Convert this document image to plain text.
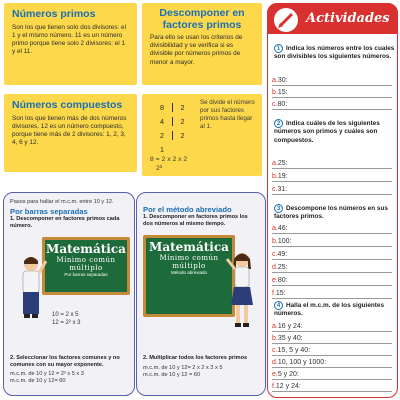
Números primos

Son los que tienen solo dos divisores: el 1 y el mismo número. 11 es un número primo porque tiene solo 2 divisores: el 1 y el 11.

Descomponer en factores primos

Para ello se usan los criterios de divisibilidad y se verifica si es divisible por números primos de menor a mayor.

Números compuestos

Son los que tienen más de dos números divisores. 12 es un número compuesto, porque tiene más de 2 divisores: 1, 2, 3, 4, 6 y 12.

8	2
4	2
2	2
1
Se divide el número por sus factores primos hasta llegar al 1.
8 = 2 x 2 x 2
2³
Pasos para hallar el m.c.m. entre 10 y 12.
Por barras separadas
1. Descomponer en factores primos cada número.
Matemática
Mínimo común múltiplo
Por barras separadas
10 = 2 x 5
12 = 2² x 3
2. Seleccionar los factores comunes y no comunes con su mayor exponente.
m.c.m. de 10 y 12 = 2² x 5 x 3
m.c.m. de 10 y 12= 60
Por el método abreviado
1. Descomponer en factores primos los dos números al mismo tiempo.
Matemática
Mínimo común múltiplo
Método abreviado
2. Multiplicar todos los factores primos
m.c.m. de 10 y 12= 2 x 2 x 3 x 5
m.c.m. de 10 y 12 = 60
Actividades
1 Indica los números entre los cuales son divisibles los siguientes números.
2 Indica cuáles de los siguientes números son primos y cuáles son compuestos.
3 Descompone los números en sus factores primos.
4 Halla el m.c.m. de los siguientes números.
a.30:
b.15:
c.80:
a.25:
b.19:
c.31:
a.46:
b.100:
c.49:
d.25:
e.80:
f.15:
a.16 y 24:
b.35 y 40:
c.15, 5 y 40:
d.10, 100 y 1000:
e.5 y 20:
f.12 y 24:
